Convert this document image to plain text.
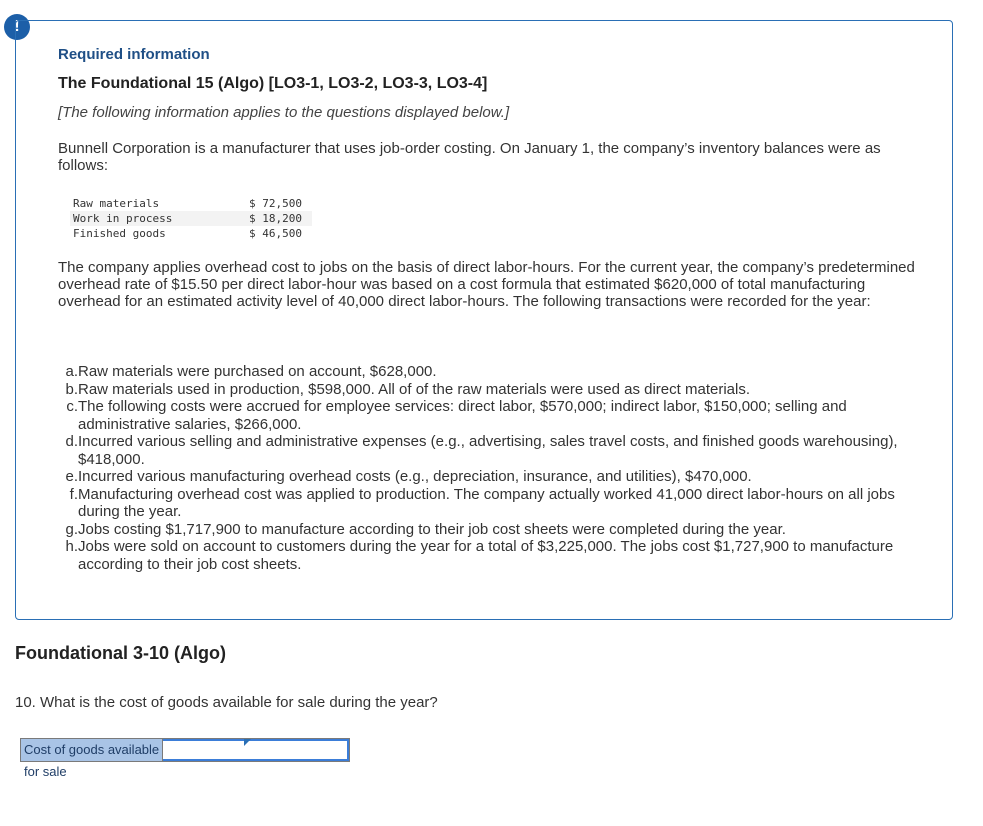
!
Required information
The Foundational 15 (Algo) [LO3-1, LO3-2, LO3-3, LO3-4]
[The following information applies to the questions displayed below.]
Bunnell Corporation is a manufacturer that uses job-order costing. On January 1, the company’s inventory balances were as follows:
Raw materials	$ 72,500
Work in process	$ 18,200
Finished goods	$ 46,500
The company applies overhead cost to jobs on the basis of direct labor-hours. For the current year, the company’s predetermined overhead rate of $15.50 per direct labor-hour was based on a cost formula that estimated $620,000 of total manufacturing overhead for an estimated activity level of 40,000 direct labor-hours. The following transactions were recorded for the year:
a. Raw materials were purchased on account, $628,000.
b. Raw materials used in production, $598,000. All of of the raw materials were used as direct materials.
c. The following costs were accrued for employee services: direct labor, $570,000; indirect labor, $150,000; selling and administrative salaries, $266,000.
d. Incurred various selling and administrative expenses (e.g., advertising, sales travel costs, and finished goods warehousing), $418,000.
e. Incurred various manufacturing overhead costs (e.g., depreciation, insurance, and utilities), $470,000.
f. Manufacturing overhead cost was applied to production. The company actually worked 41,000 direct labor-hours on all jobs during the year.
g. Jobs costing $1,717,900 to manufacture according to their job cost sheets were completed during the year.
h. Jobs were sold on account to customers during the year for a total of $3,225,000. The jobs cost $1,727,900 to manufacture according to their job cost sheets.
Foundational 3-10 (Algo)
10. What is the cost of goods available for sale during the year?
Cost of goods available for sale
